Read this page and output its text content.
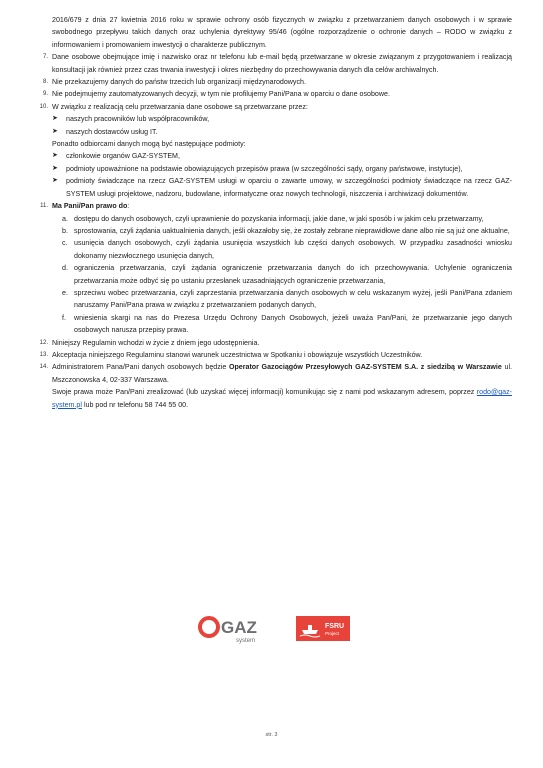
2016/679 z dnia 27 kwietnia 2016 roku w sprawie ochrony osób fizycznych w związku z przetwarzaniem danych osobowych i w sprawie swobodnego przepływu takich danych oraz uchylenia dyrektywy 95/46 (ogólne rozporządzenie o ochronie danych – RODO w związku z informowaniem i promowaniem inwestycji o charakterze publicznym.
7. Dane osobowe obejmujące imię i nazwisko oraz nr telefonu lub e-mail będą przetwarzane w okresie związanym z przygotowaniem i realizacją konsultacji jak również przez czas trwania inwestycji i okres niezbędny do przechowywania danych dla celów archiwalnych.
8. Nie przekazujemy danych do państw trzecich lub organizacji międzynarodowych.
9. Nie podejmujemy zautomatyzowanych decyzji, w tym nie profilujemy Pani/Pana w oparciu o dane osobowe.
10. W związku z realizacją celu przetwarzania dane osobowe są przetwarzane przez:
➤ naszych pracowników lub współpracowników,
➤ naszych dostawców usług IT.
Ponadto odbiorcami danych mogą być następujące podmioty:
➤ członkowie organów GAZ-SYSTEM,
➤ podmioty upoważnione na podstawie obowiązujących przepisów prawa (w szczególności sądy, organy państwowe, instytucje),
➤ podmioty świadczące na rzecz GAZ-SYSTEM usługi w oparciu o zawarte umowy, w szczególności podmioty świadczące na rzecz GAZ-SYSTEM usługi projektowe, nadzoru, budowlane, informatyczne oraz nowych technologii, niszczenia i archiwizacji dokumentów.
11. Ma Pani/Pan prawo do:
a. dostępu do danych osobowych, czyli uprawnienie do pozyskania informacji, jakie dane, w jaki sposób i w jakim celu przetwarzamy,
b. sprostowania, czyli żądania uaktualnienia danych, jeśli okazałoby się, że zostały zebrane nieprawidłowe dane albo nie są już one aktualne,
c. usunięcia danych osobowych, czyli żądania usunięcia wszystkich lub części danych osobowych. W przypadku zasadności wniosku dokonamy niezwłocznego usunięcia danych,
d. ograniczenia przetwarzania, czyli żądania ograniczenie przetwarzania danych do ich przechowywania. Uchylenie ograniczenia przetwarzania może odbyć się po ustaniu przesłanek uzasadniających ograniczenie przetwarzania,
e. sprzeciwu wobec przetwarzania, czyli zaprzestania przetwarzania danych osobowych w celu wskazanym wyżej, jeśli Pani/Pana zdaniem naruszamy Pani/Pana prawa w związku z przetwarzaniem podanych danych,
f. wniesienia skargi na nas do Prezesa Urzędu Ochrony Danych Osobowych, jeżeli uważa Pan/Pani, że przetwarzanie jego danych osobowych narusza przepisy prawa.
12. Niniejszy Regulamin wchodzi w życie z dniem jego udostępnienia.
13. Akceptacja niniejszego Regulaminu stanowi warunek uczestnictwa w Spotkaniu i obowiązuje wszystkich Uczestników.
14. Administratorem Pana/Pani danych osobowych będzie Operator Gazociągów Przesyłowych GAZ-SYSTEM S.A. z siedzibą w Warszawie ul. Mszczonowska 4, 02-337 Warszawa.
Swoje prawa może Pan/Pani zrealizować (lub uzyskać więcej informacji) komunikując się z nami pod wskazanym adresem, poprzez rodo@gaz-system.pl lub pod nr telefonu 58 744 55 00.
GAZ
system
FSRU
Project
str. 3
